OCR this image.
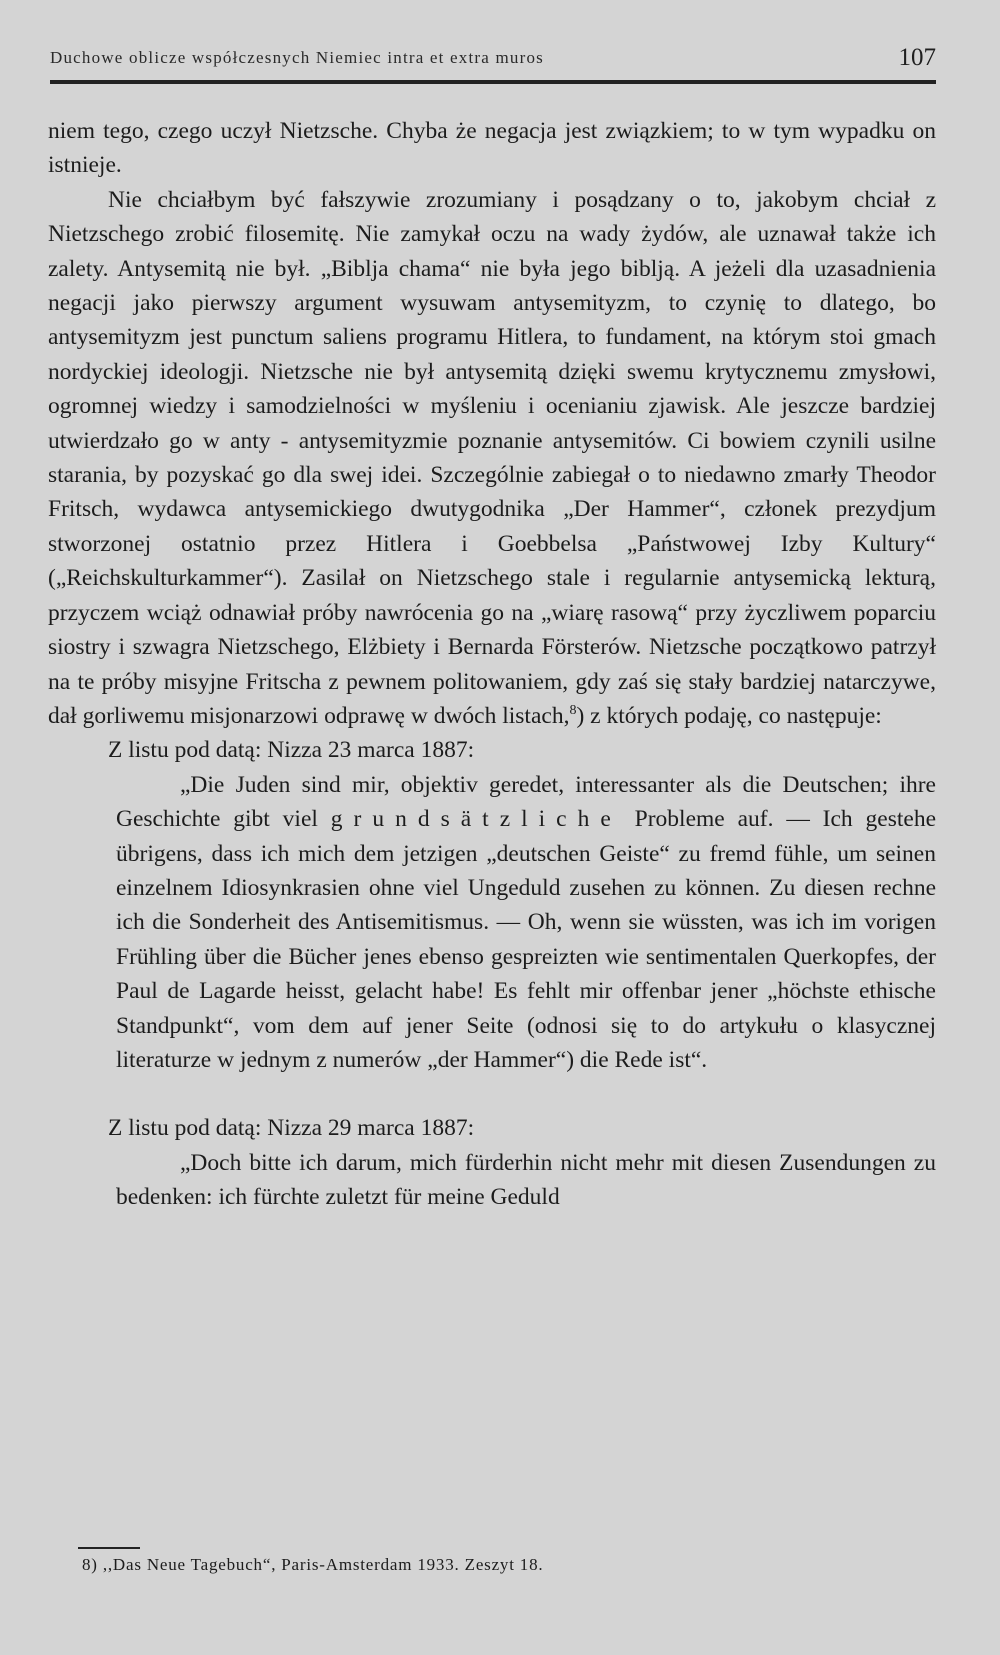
Duchowe oblicze współczesnych Niemiec intra et extra muros	107

niem tego, czego uczył Nietzsche. Chyba że negacja jest związkiem; to w tym wypadku on istnieje.

Nie chciałbym być fałszywie zrozumiany i posądzany o to, jakobym chciał z Nietzschego zrobić filosemitę. Nie zamykał oczu na wady żydów, ale uznawał także ich zalety. Antysemitą nie był. „Biblja chama“ nie była jego biblją. A jeżeli dla uzasadnienia negacji jako pierwszy argument wysuwam antysemityzm, to czynię to dlatego, bo antysemityzm jest punctum saliens programu Hitlera, to fundament, na którym stoi gmach nordyckiej ideologji. Nietzsche nie był antysemitą dzięki swemu krytycznemu zmysłowi, ogromnej wiedzy i samodzielności w myśleniu i ocenianiu zjawisk. Ale jeszcze bardziej utwierdzało go w anty - antysemityzmie poznanie antysemitów. Ci bowiem czynili usilne starania, by pozyskać go dla swej idei. Szczególnie zabiegał o to niedawno zmarły Theodor Fritsch, wydawca antysemickiego dwutygodnika „Der Hammer“, członek prezydjum stworzonej ostatnio przez Hitlera i Goebbelsa „Państwowej Izby Kultury“ („Reichskulturkammer“). Zasilał on Nietzschego stale i regularnie antysemicką lekturą, przyczem wciąż odnawiał próby nawrócenia go na „wiarę rasową“ przy życzliwem poparciu siostry i szwagra Nietzschego, Elżbiety i Bernarda Försterów. Nietzsche początkowo patrzył na te próby misyjne Fritscha z pewnem politowaniem, gdy zaś się stały bardziej natarczywe, dał gorliwemu misjonarzowi odprawę w dwóch listach,$^8$) z których podaję, co następuje:

Z listu pod datą: Nizza 23 marca 1887:

„Die Juden sind mir, objektiv geredet, interessanter als die Deutschen; ihre Geschichte gibt viel grundsätzliche Probleme auf. — Ich gestehe übrigens, dass ich mich dem jetzigen „deutschen Geiste“ zu fremd fühle, um seinen einzelnem Idiosynkrasien ohne viel Ungeduld zusehen zu können. Zu diesen rechne ich die Sonderheit des Antisemitismus. — Oh, wenn sie wüssten, was ich im vorigen Frühling über die Bücher jenes ebenso gespreizten wie sentimentalen Querkopfes, der Paul de Lagarde heisst, gelacht habe! Es fehlt mir offenbar jener „höchste ethische Standpunkt“, vom dem auf jener Seite (odnosi się to do artykułu o klasycznej literaturze w jednym z numerów „der Hammer“) die Rede ist“.

Z listu pod datą: Nizza 29 marca 1887:

„Doch bitte ich darum, mich fürderhin nicht mehr mit diesen Zusendungen zu bedenken: ich fürchte zuletzt für meine Geduld

8) ,,Das Neue Tagebuch“, Paris-Amsterdam 1933. Zeszyt 18.
